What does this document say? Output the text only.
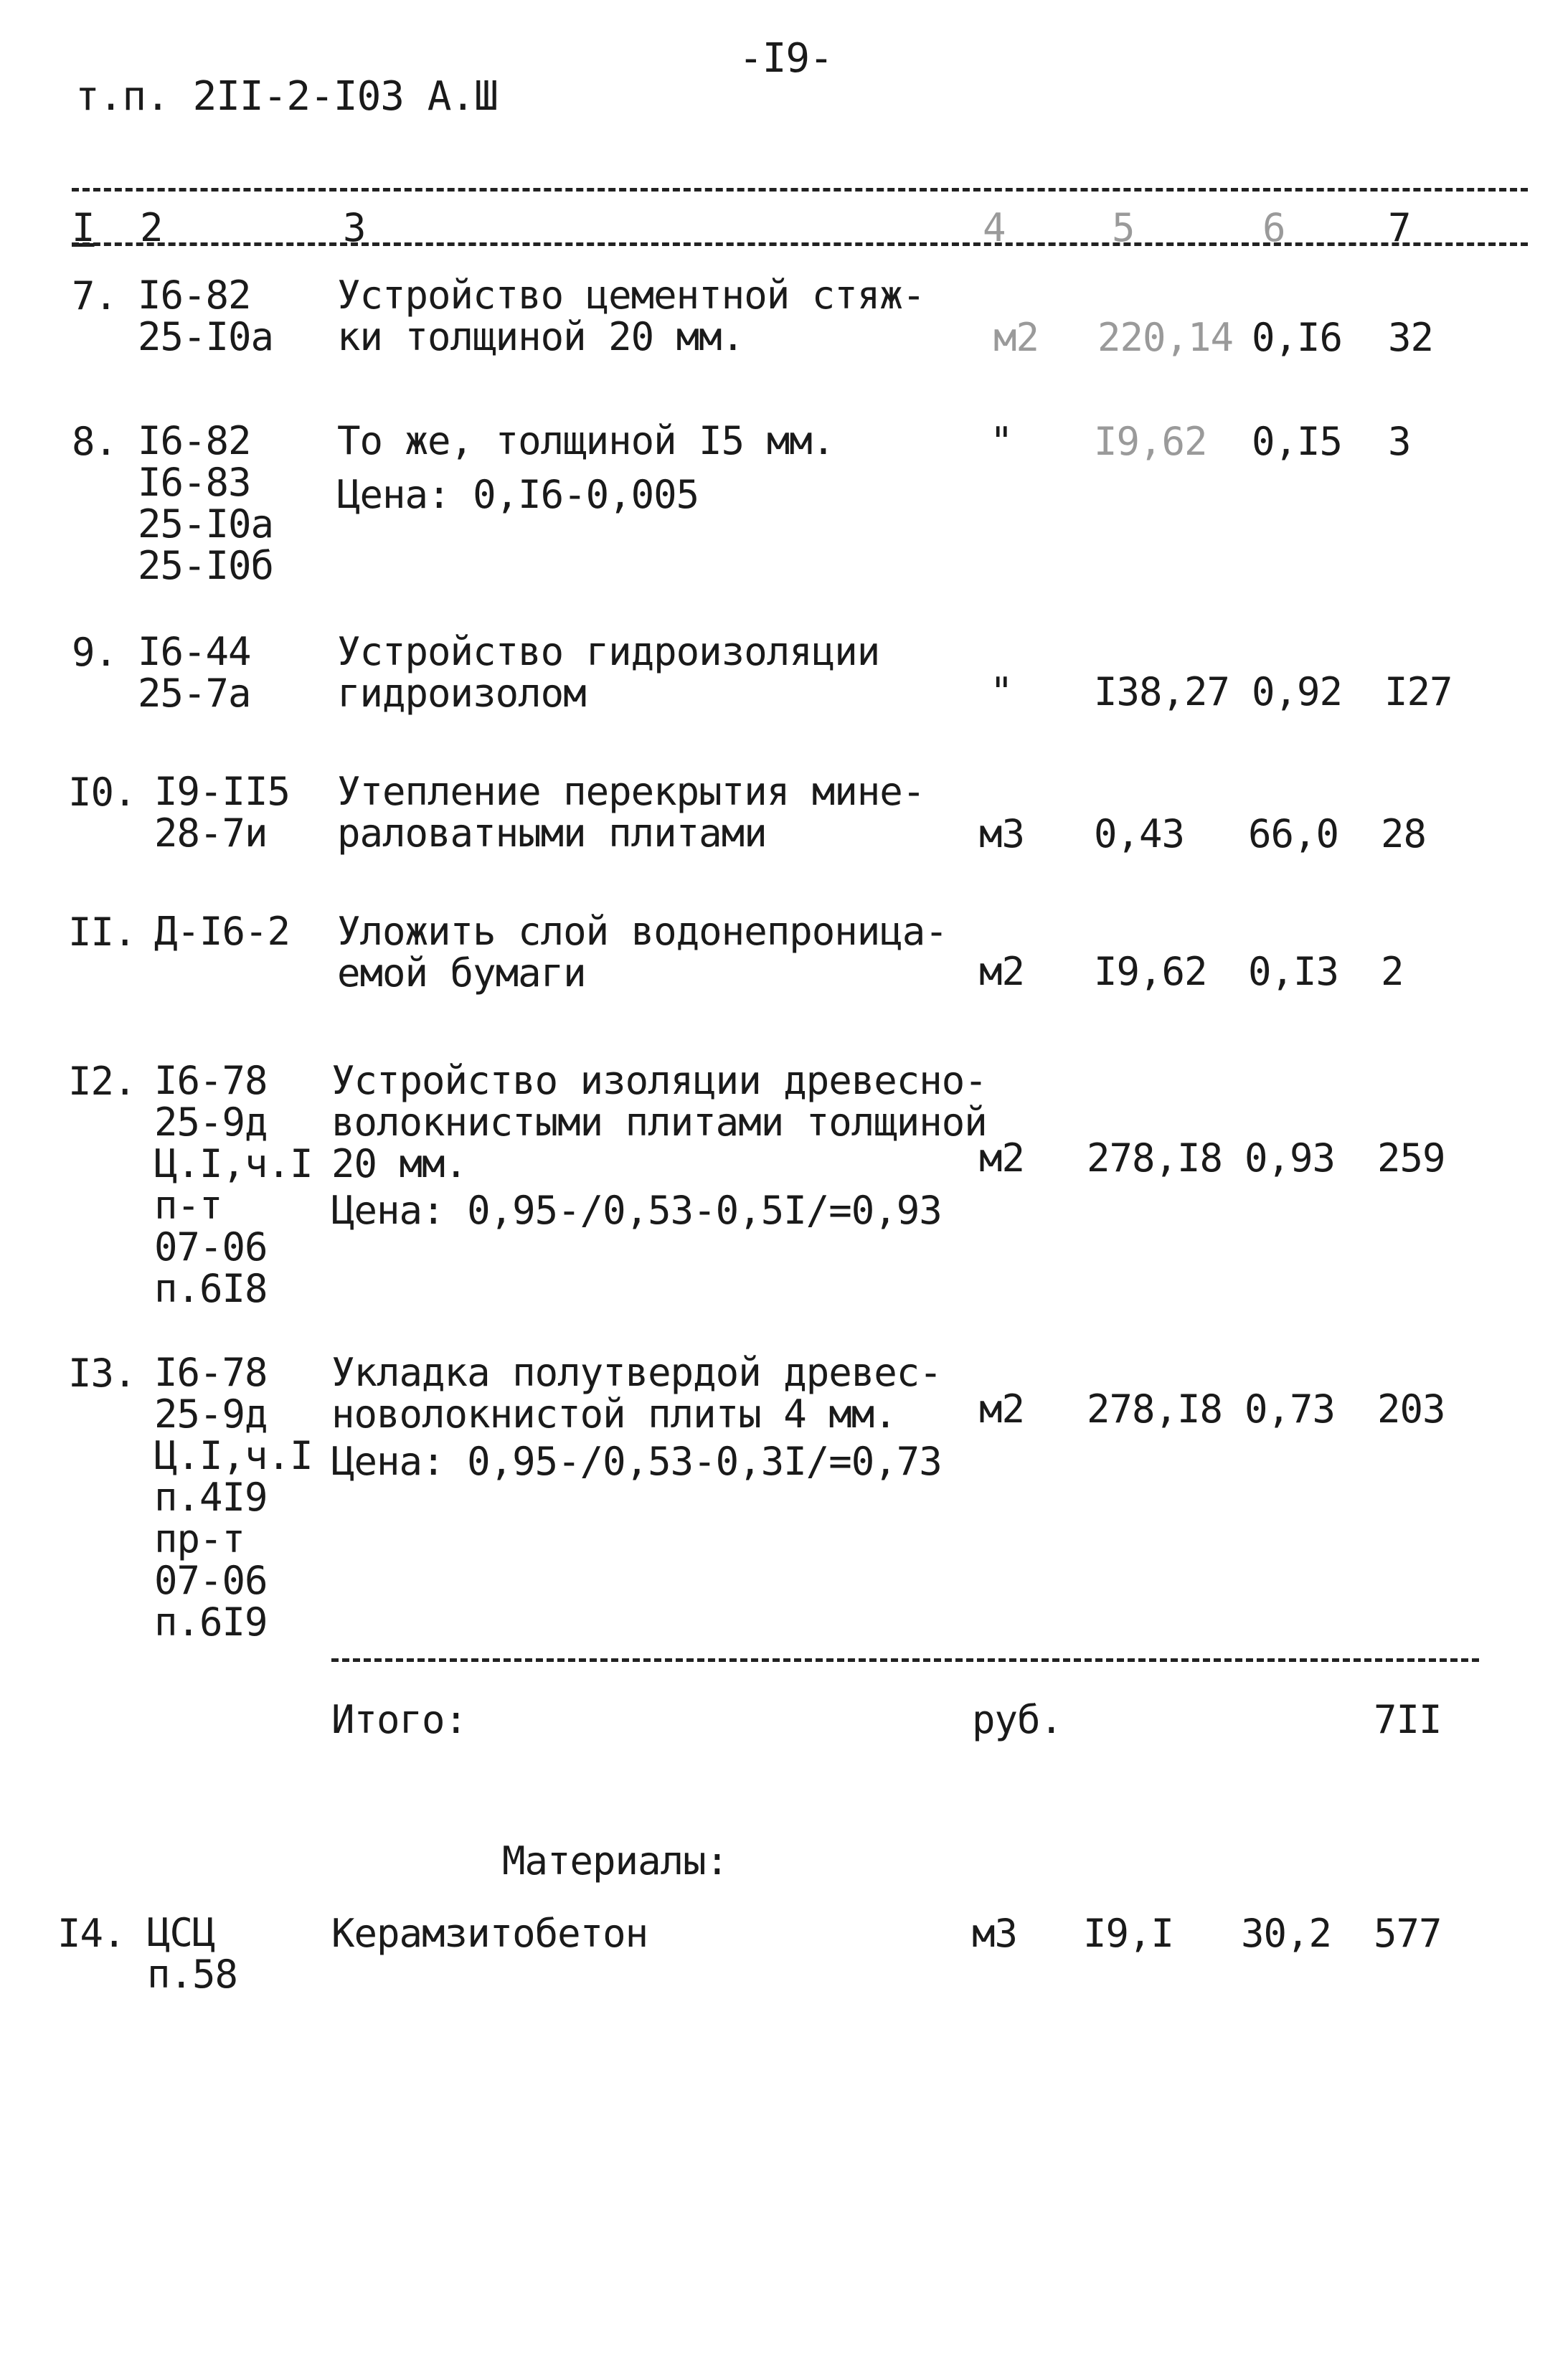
-I9-
т.п. 2II-2-I03 А.Ш
I 2	3	4	5	6	7
7. I6-82
25-I0а
Устройство цементной стяж-
ки толщиной 20 мм.	м2 220,14 0,I6 32
8. I6-82
I6-83
25-I0а
25-I0б
То же, толщиной I5 мм.
Цена: 0,I6-0,005
" I9,62 0,I5 3
9. I6-44
25-7а
Устройство гидроизоляции
гидроизолом	" I38,27 0,92 I27
I0. I9-II5
28-7и
Утепление перекрытия мине-
раловатными плитами	м3 0,43 66,0 28
II. Д-I6-2 Уложить слой водонепроница-
емой бумаги	м2 I9,62 0,I3 2
I2. I6-78
25-9д
Ц.I,ч.I
п-т
07-06
п.6I8
Устройство изоляции древесно-
волокнистыми плитами толщиной
20 мм.
Цена: 0,95-/0,53-0,5I/=0,93
м2 278,I8 0,93 259
I3. I6-78
25-9д
Ц.I,ч.I
п.4I9
пр-т
07-06
п.6I9
Укладка полутвердой древес-
новолокнистой плиты 4 мм.
Цена: 0,95-/0,53-0,3I/=0,73
м2 278,I8 0,73 203
Итого:	руб.	7II
Материалы:
I4. ЦСЦ
п.58
Керамзитобетон	м3 I9,I 30,2 577
